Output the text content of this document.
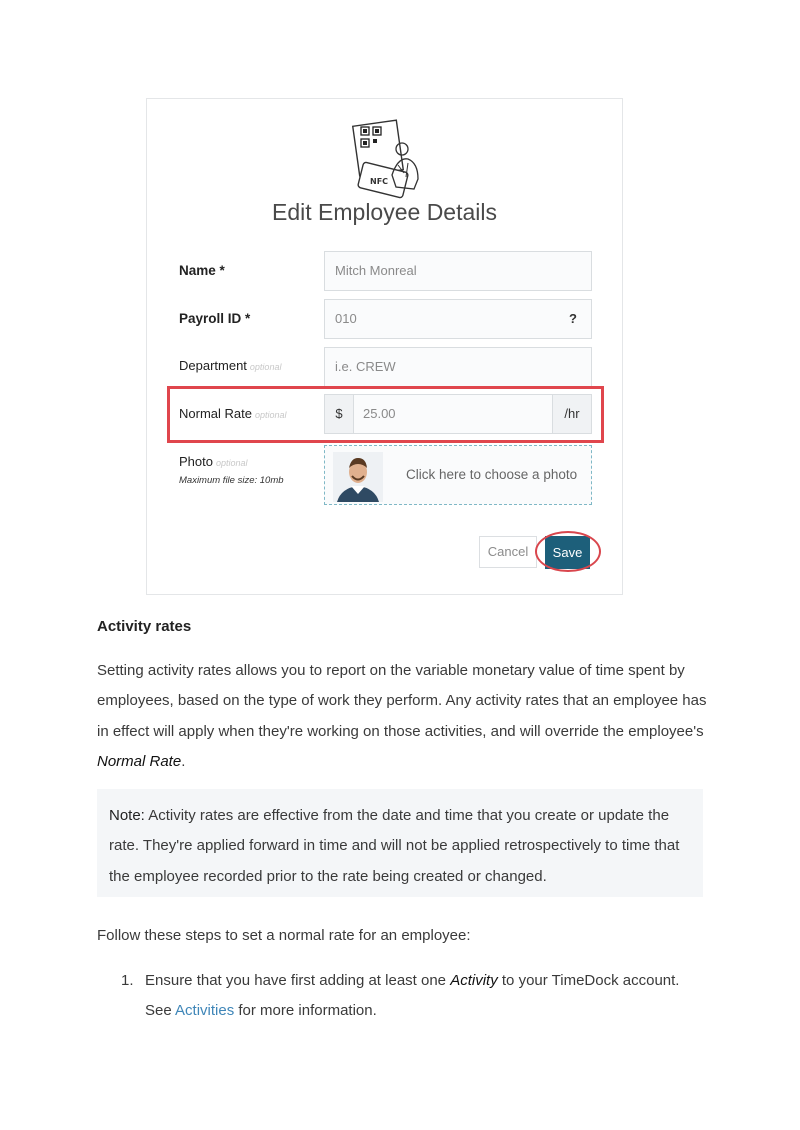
NFC
Edit Employee Details
Name *	Mitch Monreal
Payroll ID *	010	?
Department optional	i.e. CREW
Normal Rate optional	$	25.00	/hr
Photo optional
Maximum file size: 10mb	Click here to choose a photo
Cancel	Save
Activity rates
Setting activity rates allows you to report on the variable monetary value of time spent by employees, based on the type of work they perform. Any activity rates that an employee has in effect will apply when they're working on those activities, and will override the employee's Normal Rate.
Note: Activity rates are effective from the date and time that you create or update the rate. They're applied forward in time and will not be applied retrospectively to time that the employee recorded prior to the rate being created or changed.
Follow these steps to set a normal rate for an employee:
1. Ensure that you have first adding at least one Activity to your TimeDock account. See Activities for more information.
